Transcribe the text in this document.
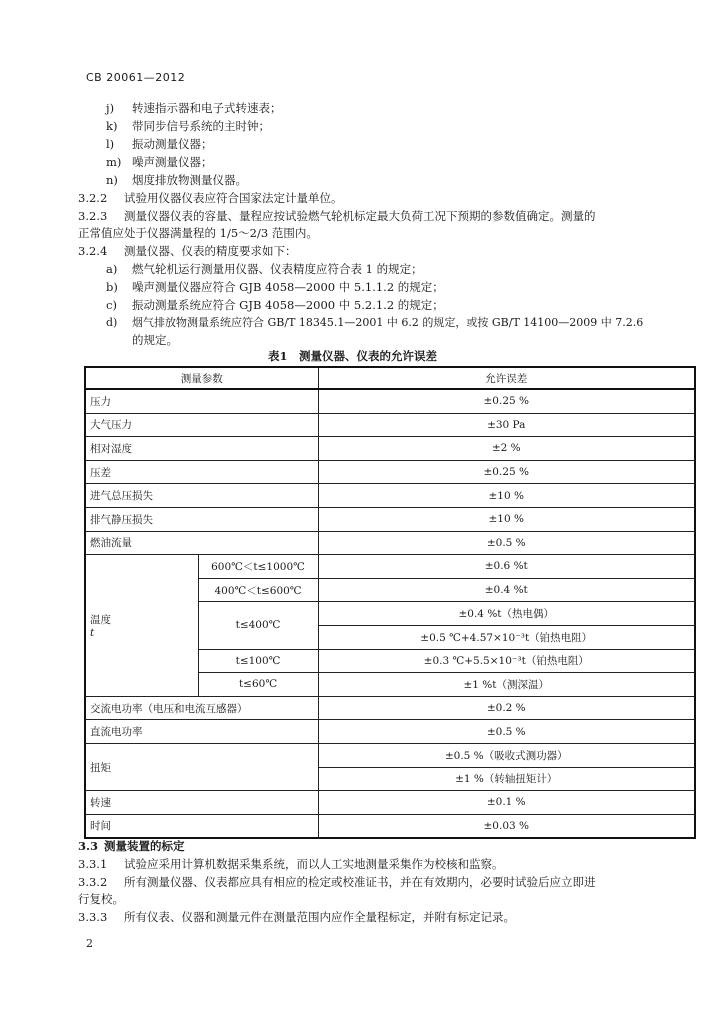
CB 20061—2012
j) 转速指示器和电子式转速表；
k) 带同步信号系统的主时钟；
l) 振动测量仪器；
m) 噪声测量仪器；
n) 烟度排放物测量仪器。
3.2.2 试验用仪器仪表应符合国家法定计量单位。
3.2.3 测量仪器仪表的容量、量程应按试验燃气轮机标定最大负荷工况下预期的参数值确定。测量的
正常值应处于仪器满量程的 1/5～2/3 范围内。
3.2.4 测量仪器、仪表的精度要求如下：
a) 燃气轮机运行测量用仪器、仪表精度应符合表 1 的规定；
b) 噪声测量仪器应符合 GJB 4058—2000 中 5.1.1.2 的规定；
c) 振动测量系统应符合 GJB 4058—2000 中 5.2.1.2 的规定；
d) 烟气排放物测量系统应符合 GB/T 18345.1—2001 中 6.2 的规定，或按 GB/T 14100—2009 中 7.2.6
的规定。
表1　测量仪器、仪表的允许误差
测量参数		允许误差
压力		±0.25 %
大气压力		±30 Pa
相对湿度		±2 %
压差		±0.25 %
进气总压损失		±10 %
排气静压损失		±10 %
燃油流量		±0.5 %

温度
t	600℃＜t≤1000℃	±0.6 %t
	400℃＜t≤600℃	±0.4 %t
	t≤400℃	±0.4 %t（热电偶）
		±0.5 ℃+4.57×10⁻³t（铂热电阻）
	t≤100℃	±0.3 ℃+5.5×10⁻³t（铂热电阻）
	t≤60℃	±1 %t（测深温）
交流电功率（电压和电流互感器）		±0.2 %
直流电功率		±0.5 %
扭矩		±0.5 %（吸收式测功器）
		±1 %（转轴扭矩计）
转速		±0.1 %
时间		±0.03 %
3.3 测量装置的标定
3.3.1 试验应采用计算机数据采集系统，而以人工实地测量采集作为校核和监察。
3.3.2 所有测量仪器、仪表都应具有相应的检定或校准证书，并在有效期内，必要时试验后应立即进
行复校。
3.3.3 所有仪表、仪器和测量元件在测量范围内应作全量程标定，并附有标定记录。
2
